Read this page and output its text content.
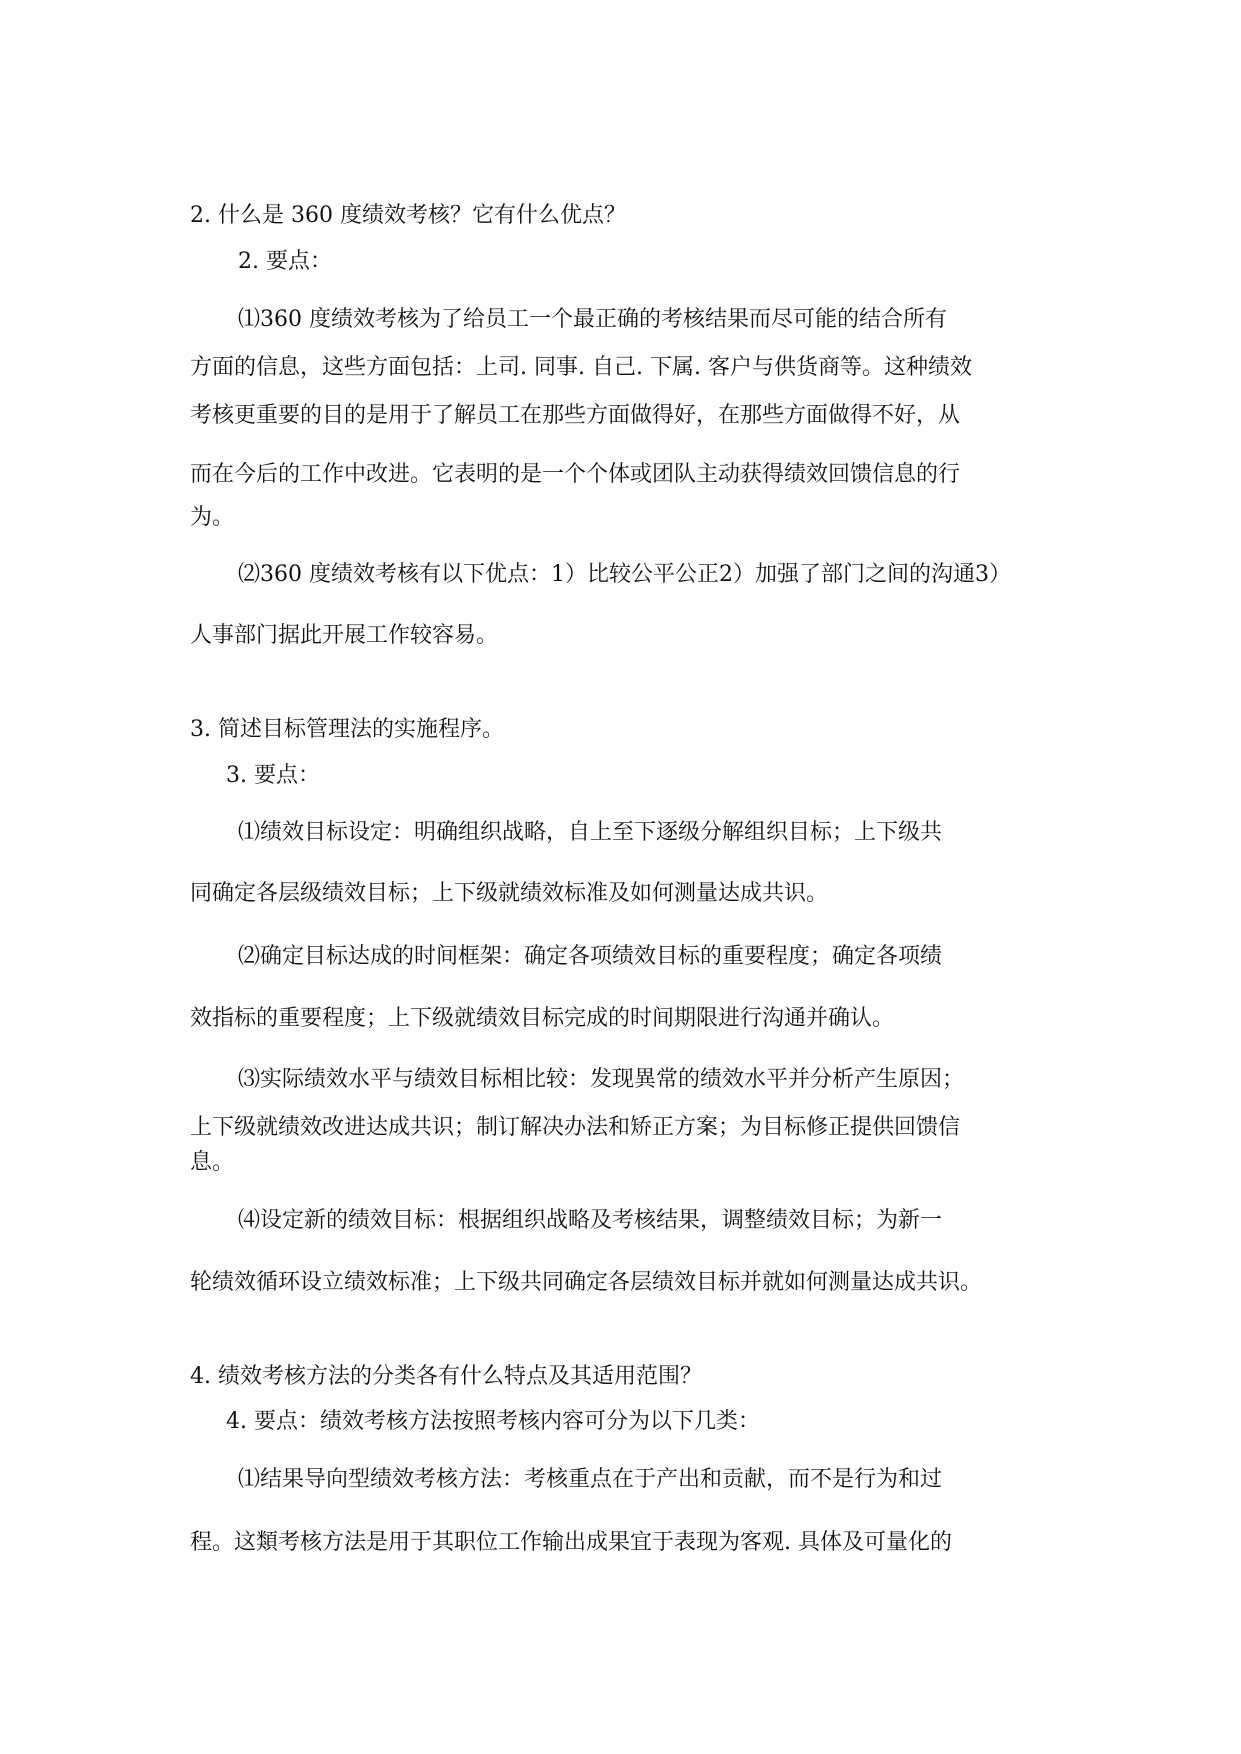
2. 什么是 360 度绩效考核？它有什么优点？
2. 要点：
⑴360 度绩效考核为了给员工一个最正确的考核结果而尽可能的结合所有
方面的信息，这些方面包括：上司. 同事. 自己. 下属. 客户与供货商等。这种绩效
考核更重要的目的是用于了解员工在那些方面做得好，在那些方面做得不好，从
而在今后的工作中改进。它表明的是一个个体或团队主动获得绩效回馈信息的行
为。
⑵360 度绩效考核有以下优点：1）比较公平公正2）加强了部门之间的沟通3）
人事部门据此开展工作较容易。
3. 简述目标管理法的实施程序。
3. 要点：
⑴绩效目标设定：明确组织战略，自上至下逐级分解组织目标；上下级共
同确定各层级绩效目标；上下级就绩效标准及如何测量达成共识。
⑵确定目标达成的时间框架：确定各项绩效目标的重要程度；确定各项绩
效指标的重要程度；上下级就绩效目标完成的时间期限进行沟通并确认。
⑶实际绩效水平与绩效目标相比较：发现異常的绩效水平并分析产生原因；
上下级就绩效改进达成共识；制订解决办法和矫正方案；为目标修正提供回馈信
息。
⑷设定新的绩效目标：根据组织战略及考核结果，调整绩效目标；为新一
轮绩效循环设立绩效标准；上下级共同确定各层绩效目标并就如何测量达成共识。
4. 绩效考核方法的分类各有什么特点及其适用范围？
4. 要点：绩效考核方法按照考核内容可分为以下几类：
⑴结果导向型绩效考核方法：考核重点在于产出和贡献，而不是行为和过
程。这類考核方法是用于其职位工作输出成果宜于表现为客观. 具体及可量化的
